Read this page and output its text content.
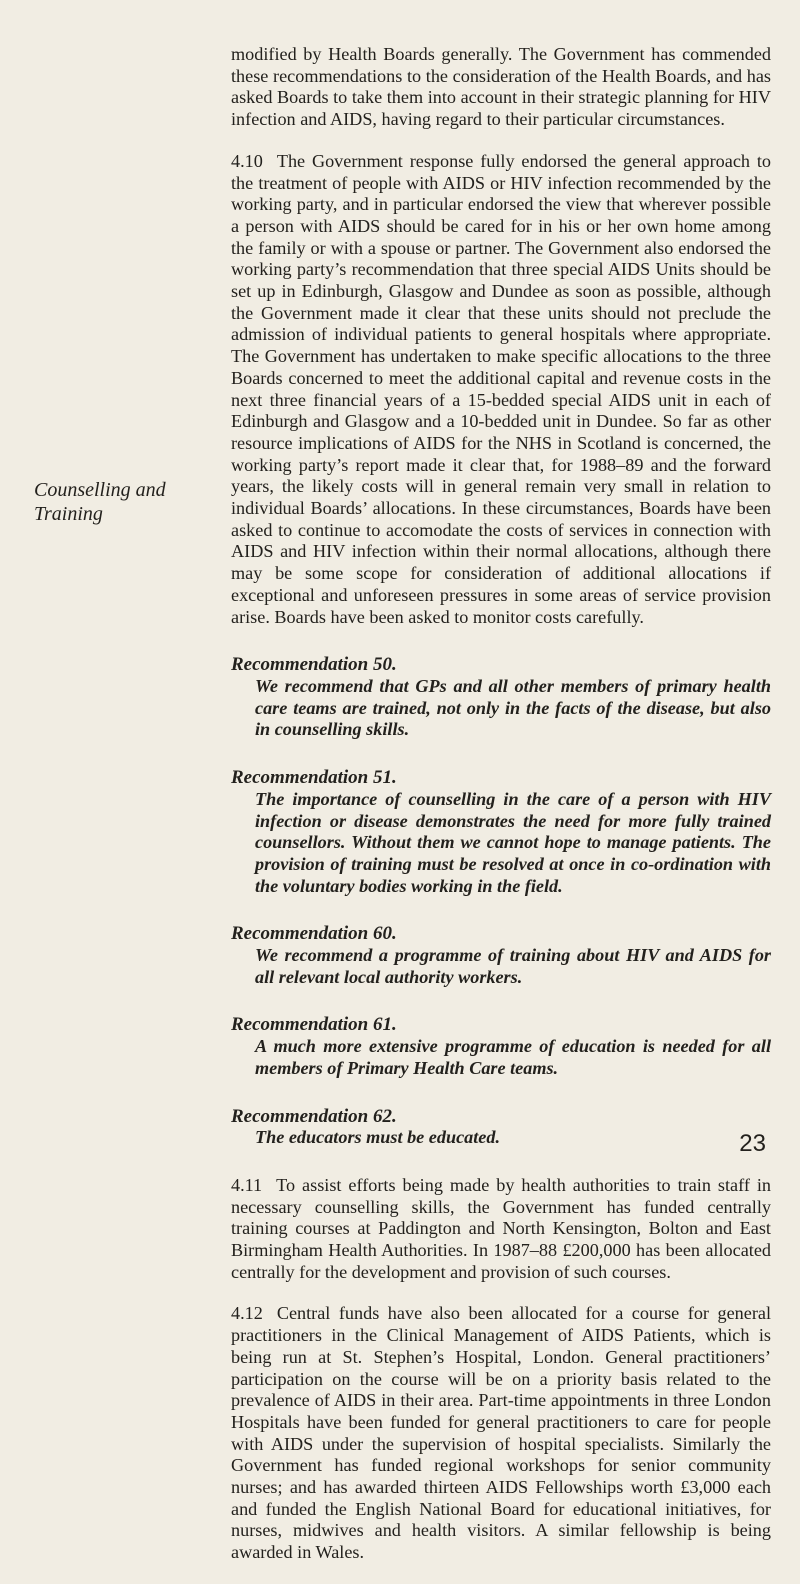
Counselling and Training

modified by Health Boards generally. The Government has commended these recommendations to the consideration of the Health Boards, and has asked Boards to take them into account in their strategic planning for HIV infection and AIDS, having regard to their particular circumstances.

4.10 The Government response fully endorsed the general approach to the treatment of people with AIDS or HIV infection recommended by the working party, and in particular endorsed the view that wherever possible a person with AIDS should be cared for in his or her own home among the family or with a spouse or partner. The Government also endorsed the working party’s recommendation that three special AIDS Units should be set up in Edinburgh, Glasgow and Dundee as soon as possible, although the Government made it clear that these units should not preclude the admission of individual patients to general hospitals where appropriate. The Government has undertaken to make specific allocations to the three Boards concerned to meet the additional capital and revenue costs in the next three financial years of a 15-bedded special AIDS unit in each of Edinburgh and Glasgow and a 10-bedded unit in Dundee. So far as other resource implications of AIDS for the NHS in Scotland is concerned, the working party’s report made it clear that, for 1988–89 and the forward years, the likely costs will in general remain very small in relation to individual Boards’ allocations. In these circumstances, Boards have been asked to continue to accomodate the costs of services in connection with AIDS and HIV infection within their normal allocations, although there may be some scope for consideration of additional allocations if exceptional and unforeseen pressures in some areas of service provision arise. Boards have been asked to monitor costs carefully.

Recommendation 50.

We recommend that GPs and all other members of primary health care teams are trained, not only in the facts of the disease, but also in counselling skills.

Recommendation 51.

The importance of counselling in the care of a person with HIV infection or disease demonstrates the need for more fully trained counsellors. Without them we cannot hope to manage patients. The provision of training must be resolved at once in co-ordination with the voluntary bodies working in the field.

Recommendation 60.

We recommend a programme of training about HIV and AIDS for all relevant local authority workers.

Recommendation 61.

A much more extensive programme of education is needed for all members of Primary Health Care teams.

Recommendation 62.

The educators must be educated.

4.11 To assist efforts being made by health authorities to train staff in necessary counselling skills, the Government has funded centrally training courses at Paddington and North Kensington, Bolton and East Birmingham Health Authorities. In 1987–88 £200,000 has been allocated centrally for the development and provision of such courses.

4.12 Central funds have also been allocated for a course for general practitioners in the Clinical Management of AIDS Patients, which is being run at St. Stephen’s Hospital, London. General practitioners’ participation on the course will be on a priority basis related to the prevalence of AIDS in their area. Part-time appointments in three London Hospitals have been funded for general practitioners to care for people with AIDS under the supervision of hospital specialists. Similarly the Government has funded regional workshops for senior community nurses; and has awarded thirteen AIDS Fellowships worth £3,000 each and funded the English National Board for educational initiatives, for nurses, midwives and health visitors. A similar fellowship is being awarded in Wales.

23
